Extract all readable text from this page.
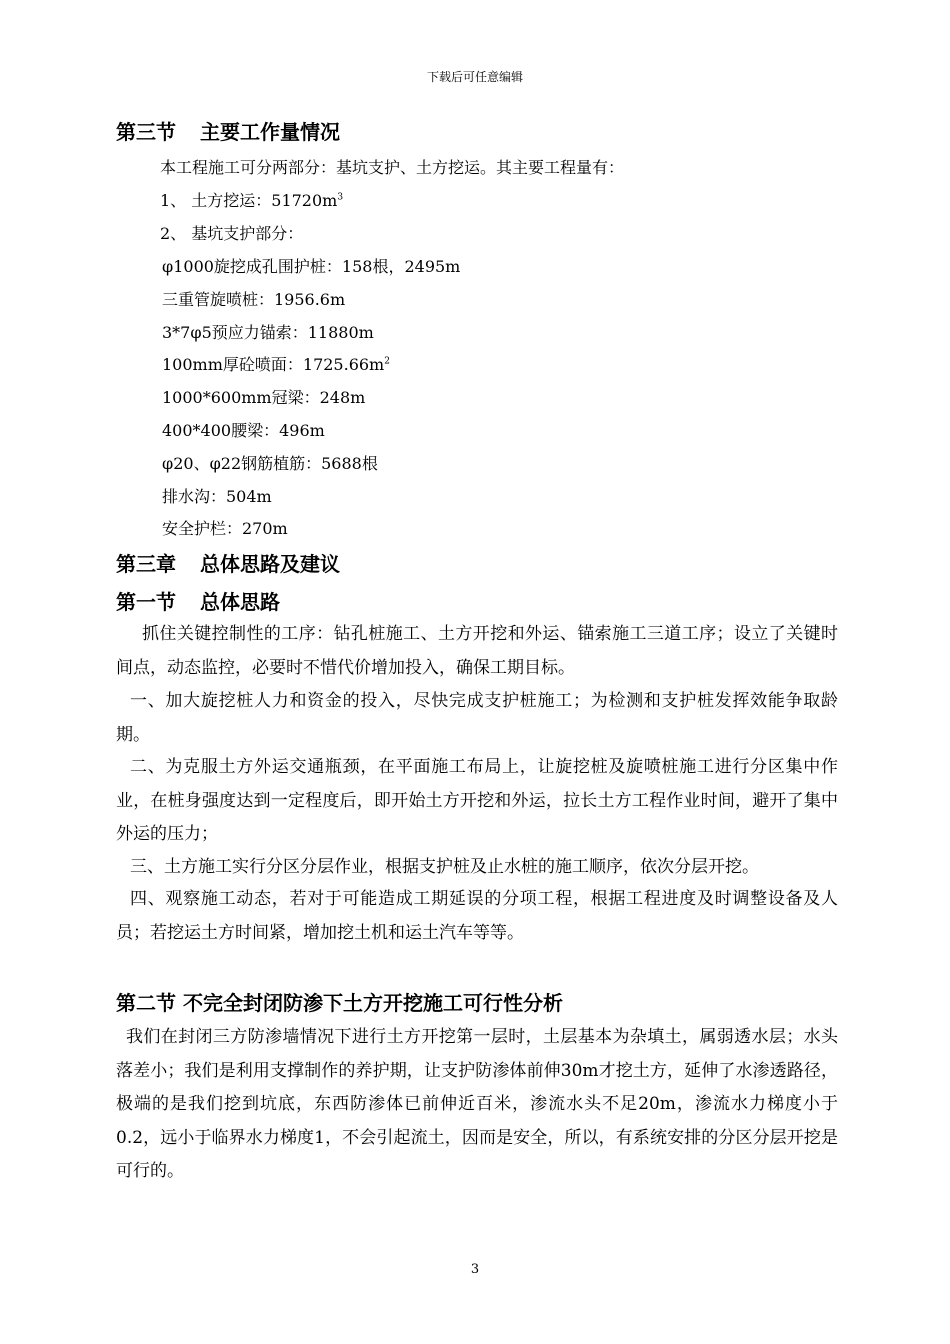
下载后可任意编辑
第三节 主要工作量情况
本工程施工可分两部分：基坑支护、土方挖运。其主要工程量有：
1、 土方挖运：$51720m^3$
2、 基坑支护部分：
φ1000旋挖成孔围护桩：158根，2495m
三重管旋喷桩：1956.6m
3*7φ5预应力锚索：11880m
100mm厚砼喷面：$1725.66m^2$
1000*600mm冠梁：248m
400*400腰梁：496m
φ20、φ22钢筋植筋：5688根
排水沟：504m
安全护栏：270m
第三章 总体思路及建议
第一节 总体思路
抓住关键控制性的工序：钻孔桩施工、土方开挖和外运、锚索施工三道工序；设立了关键时间点，动态监控，必要时不惜代价增加投入，确保工期目标。
一、加大旋挖桩人力和资金的投入，尽快完成支护桩施工；为检测和支护桩发挥效能争取龄期。
二、为克服土方外运交通瓶颈，在平面施工布局上，让旋挖桩及旋喷桩施工进行分区集中作业，在桩身强度达到一定程度后，即开始土方开挖和外运，拉长土方工程作业时间，避开了集中外运的压力；
三、土方施工实行分区分层作业，根据支护桩及止水桩的施工顺序，依次分层开挖。
四、观察施工动态，若对于可能造成工期延误的分项工程，根据工程进度及时调整设备及人员；若挖运土方时间紧，增加挖土机和运土汽车等等。
第二节 不完全封闭防渗下土方开挖施工可行性分析
我们在封闭三方防渗墙情况下进行土方开挖第一层时，土层基本为杂填土，属弱透水层；水头落差小；我们是利用支撑制作的养护期，让支护防渗体前伸30m才挖土方，延伸了水渗透路径，极端的是我们挖到坑底，东西防渗体已前伸近百米，渗流水头不足20m，渗流水力梯度小于0.2，远小于临界水力梯度1，不会引起流土，因而是安全，所以，有系统安排的分区分层开挖是可行的。
3
